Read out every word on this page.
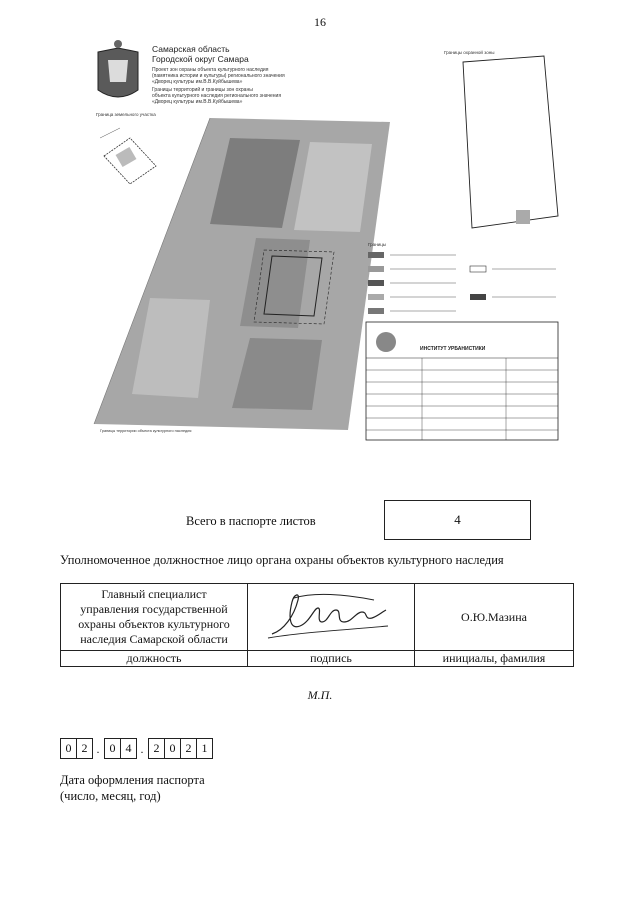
16
Самарская область
Городской округ Самара
Проект зон охраны объекта культурного наследия
(памятника истории и культуры) регионального значения
«Дворец культуры им.В.В.Куйбышева»
Границы территорий и границы зон охраны
объекта культурного наследия регионального значения
«Дворец культуры им.В.В.Куйбышева»
Граница земельного участка
Границы охранной зоны
Границы территории объекта культурного наследия
Границы
ИНСТИТУТ УРБАНИСТИКИ
Всего в паспорте листов	4
Уполномоченное должностное лицо органа охраны объектов культурного наследия
Главный специалист
управления государственной
охраны объектов культурного
наследия Самарской области		О.Ю.Мазина
должность	подпись	инициалы, фамилия
М.П.
0 2 . 0 4 . 2 0 2 1
Дата оформления паспорта
(число, месяц, год)
